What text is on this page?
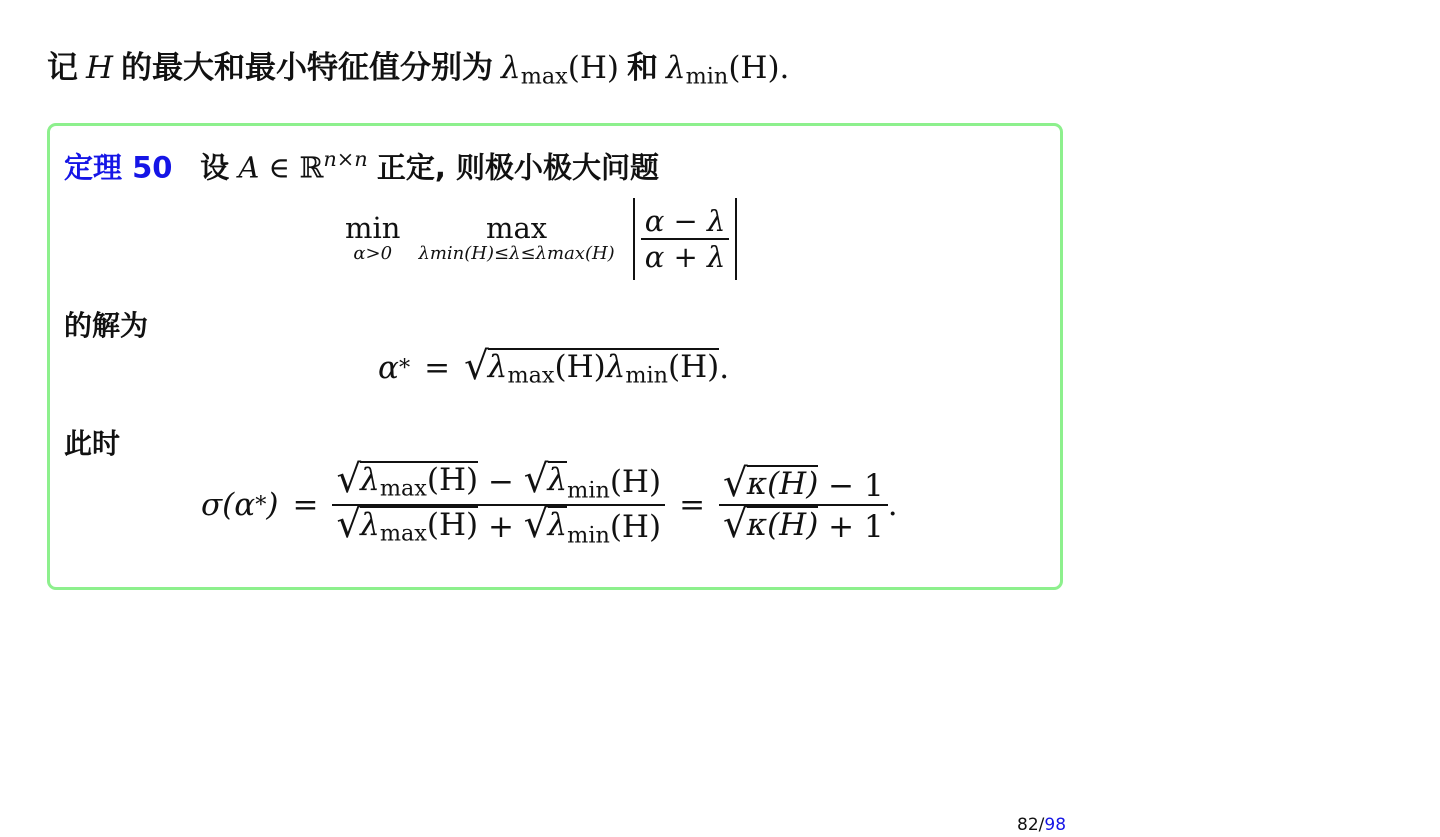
记 H 的最大和最小特征值分别为 $\lambda_{max}(H)$ 和 $\lambda_{min}(H)$.
定理 50 设 A ∈ ℝ$^{n\times n}$ 正定, 则极小极大问题
min
α>0
max
$\lambda\min(H)\le\lambda\le\lambda\max(H) \frac{\alpha - \lambda}{\alpha + \lambda}$
的解为
α * = √ $\lambda_{max}(H)\lambda_{min}(H)$ .
此时
σ(α * ) = $\frac{√ \lambda_{max}(H) - √ \lambda _{min}(H)}{√ \lambda_{max}(H) + √ \lambda _{min}(H)} = \frac{√ \kappa(H) - 1}{√ \kappa(H) + 1}$ .
82/98
